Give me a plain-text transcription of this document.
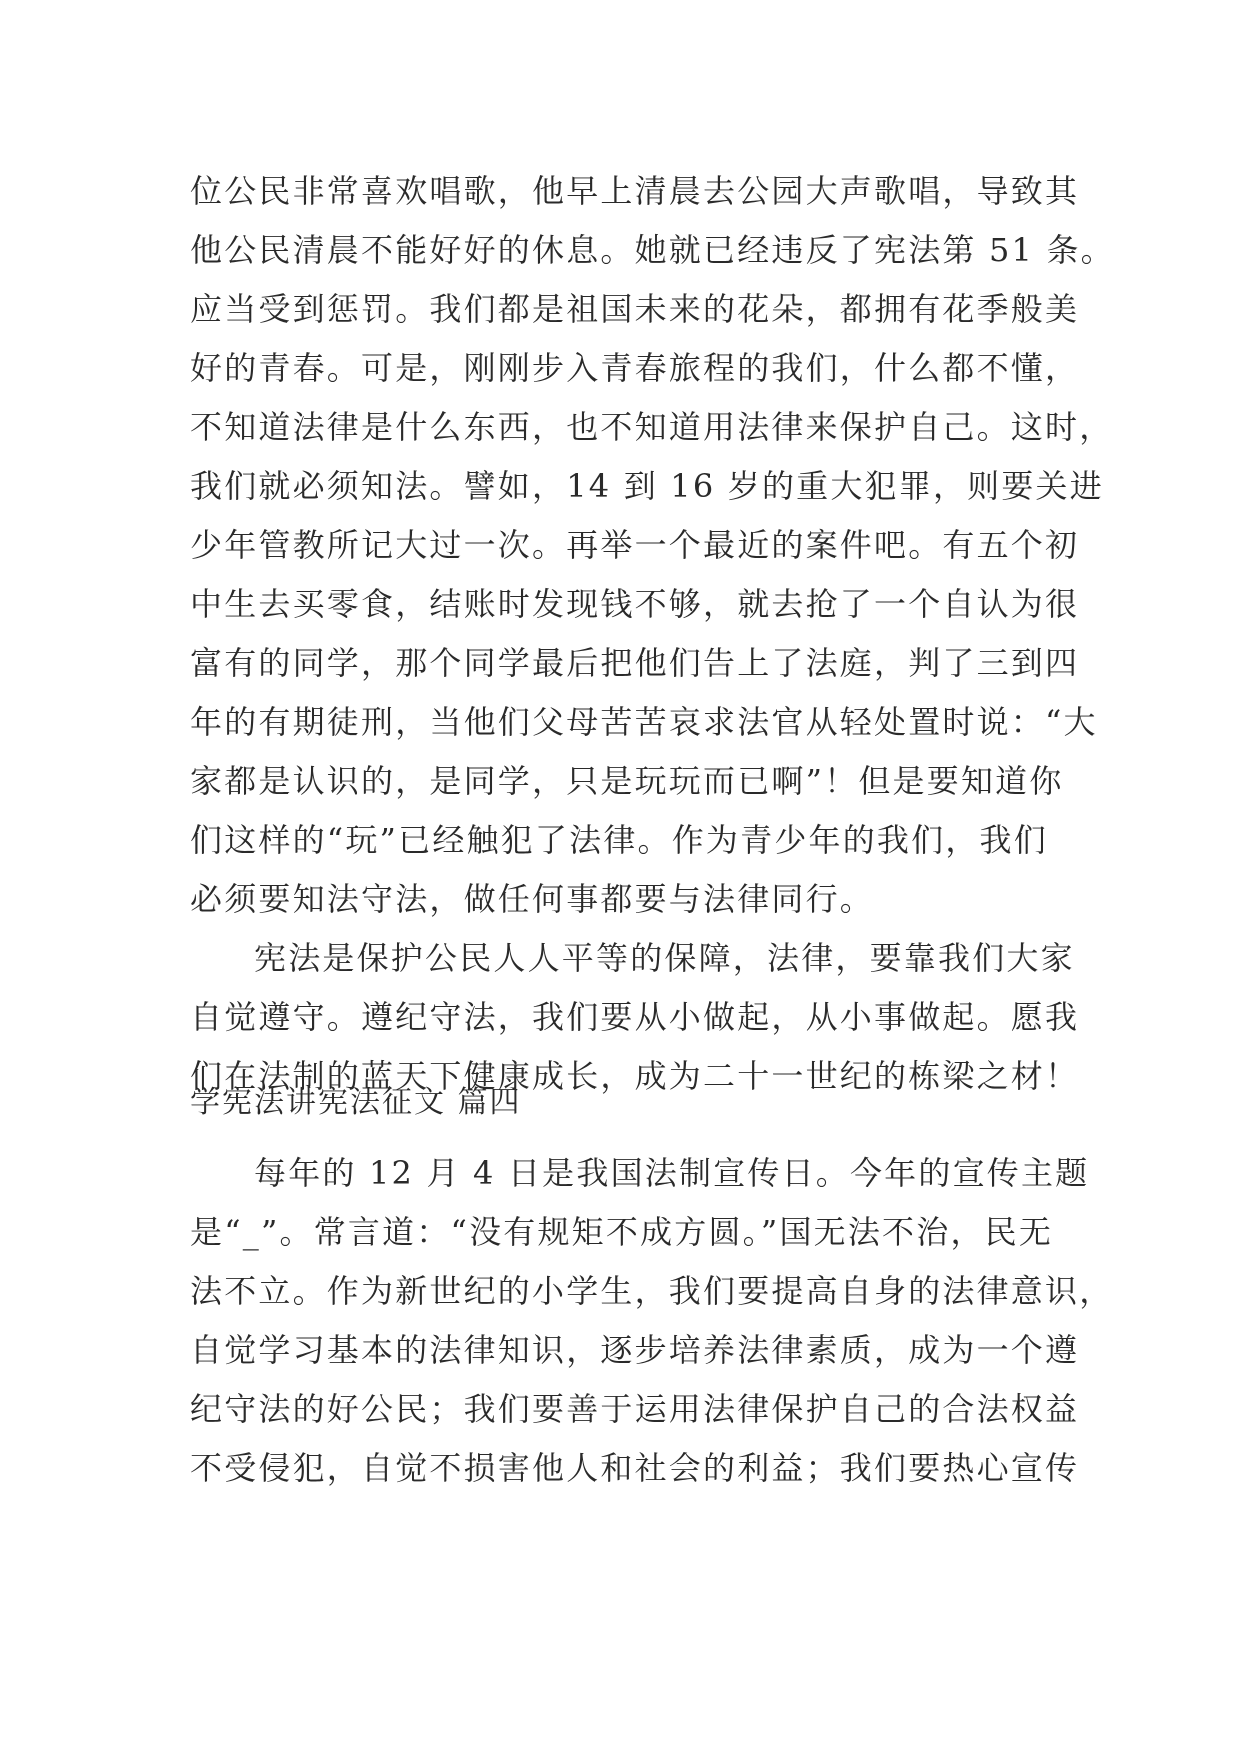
位公民非常喜欢唱歌，他早上清晨去公园大声歌唱，导致其
他公民清晨不能好好的休息。她就已经违反了宪法第 51 条。
应当受到惩罚。我们都是祖国未来的花朵，都拥有花季般美
好的青春。可是，刚刚步入青春旅程的我们，什么都不懂，
不知道法律是什么东西，也不知道用法律来保护自己。这时，
我们就必须知法。譬如，14 到 16 岁的重大犯罪，则要关进
少年管教所记大过一次。再举一个最近的案件吧。有五个初
中生去买零食，结账时发现钱不够，就去抢了一个自认为很
富有的同学，那个同学最后把他们告上了法庭，判了三到四
年的有期徒刑，当他们父母苦苦哀求法官从轻处置时说：“大
家都是认识的，是同学，只是玩玩而已啊”！但是要知道你
们这样的“玩”已经触犯了法律。作为青少年的我们，我们
必须要知法守法，做任何事都要与法律同行。
宪法是保护公民人人平等的保障，法律，要靠我们大家
自觉遵守。遵纪守法，我们要从小做起，从小事做起。愿我
们在法制的蓝天下健康成长，成为二十一世纪的栋梁之材！
学宪法讲宪法征文 篇四
每年的 12 月 4 日是我国法制宣传日。今年的宣传主题
是“_”。常言道：“没有规矩不成方圆。”国无法不治，民无
法不立。作为新世纪的小学生，我们要提高自身的法律意识，
自觉学习基本的法律知识，逐步培养法律素质，成为一个遵
纪守法的好公民；我们要善于运用法律保护自己的合法权益
不受侵犯，自觉不损害他人和社会的利益；我们要热心宣传
